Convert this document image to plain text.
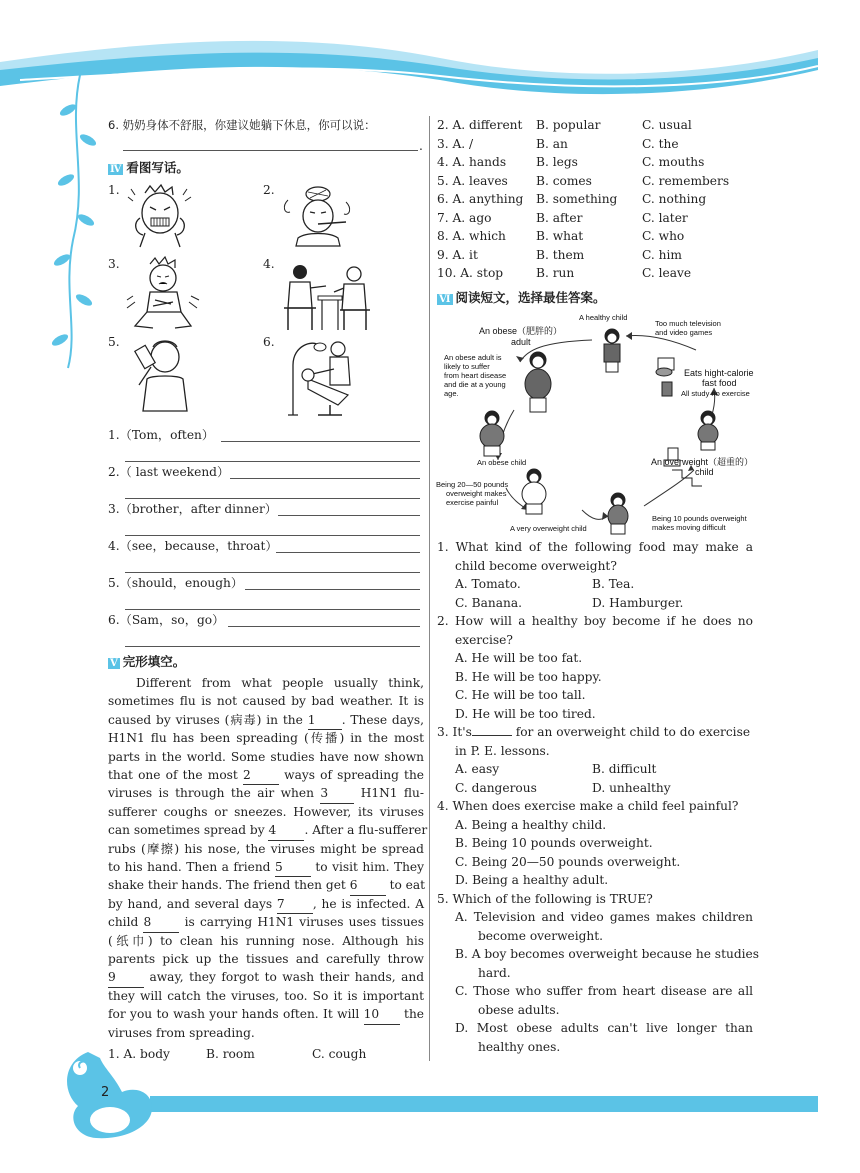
6. 奶奶身体不舒服，你建议她躺下休息，你可以说：
.
Ⅳ 看图写话。
1.	2.
3.	4.
5.	6.
1.（Tom，often）
2.（ last weekend）
3.（brother，after dinner）
4.（see，because，throat）
5.（should，enough）
6.（Sam，so，go）
Ⅴ 完形填空。
Different from what people usually think,
sometimes flu is not caused by bad weather. It is
caused by viruses (病毒) in the 1 . These days,
H1N1 flu has been spreading (传播) in the most
parts in the world. Some studies have now shown
that one of the most 2	ways of spreading the
viruses is through the air when 3	H1N1 flu-
sufferer coughs or sneezes. However, its viruses
can sometimes spread by 4 . After a flu-sufferer
rubs (摩擦) his nose, the viruses might be spread
to his hand. Then a friend 5	to visit him. They
shake their hands. The friend then get 6	to eat
by hand, and several days 7 , he is infected. A
child 8	is carrying H1N1 viruses uses tissues
(纸巾) to clean his running nose. Although his
parents pick up the tissues and carefully throw
9	away, they forgot to wash their hands, and
they will catch the viruses, too. So it is important
for you to wash your hands often. It will 10 the
viruses from spreading.
1. A. body	B. room	C. cough
2. A. different B. popular	C. usual
3. A. /	B. an	C. the
4. A. hands B. legs	C. mouths
5. A. leaves B. comes	C. remembers
6. A. anything B. something C. nothing
7. A. ago	B. after	C. later
8. A. which B. what	C. who
9. A. it	B. them	C. him
10. A. stop	B. run	C. leave
Ⅵ 阅读短文，选择最佳答案。
A healthy child
Too much television
and video games
An obese（肥胖的）
adult
An obese adult is
likely to suffer
from heart disease
and die at a young
age.
Eats hight-calorie
fast food
All study no exercise
An obese child	An overweight（超重的）
child
Being 20—50 pounds
overweight makes
exercise painful
A very overweight child
Being 10 pounds overweight
makes moving difficult
1. What kind of the following food may make a
child become overweight?
A. Tomato.	B. Tea.
C. Banana.	D. Hamburger.
2. How will a healthy boy become if he does no
exercise?
A. He will be too fat.
B. He will be too happy.
C. He will be too tall.
D. He will be too tired.
3. It's	for an overweight child to do exercise
in P. E. lessons.
A. easy	B. difficult
C. dangerous	D. unhealthy
4. When does exercise make a child feel painful?
A. Being a healthy child.
B. Being 10 pounds overweight.
C. Being 20—50 pounds overweight.
D. Being a healthy adult.
5. Which of the following is TRUE?
A. Television and video games makes children
become overweight.
B. A boy becomes overweight because he studies
hard.
C. Those who suffer from heart disease are all
obese adults.
D. Most obese adults can't live longer than
healthy ones.
2
